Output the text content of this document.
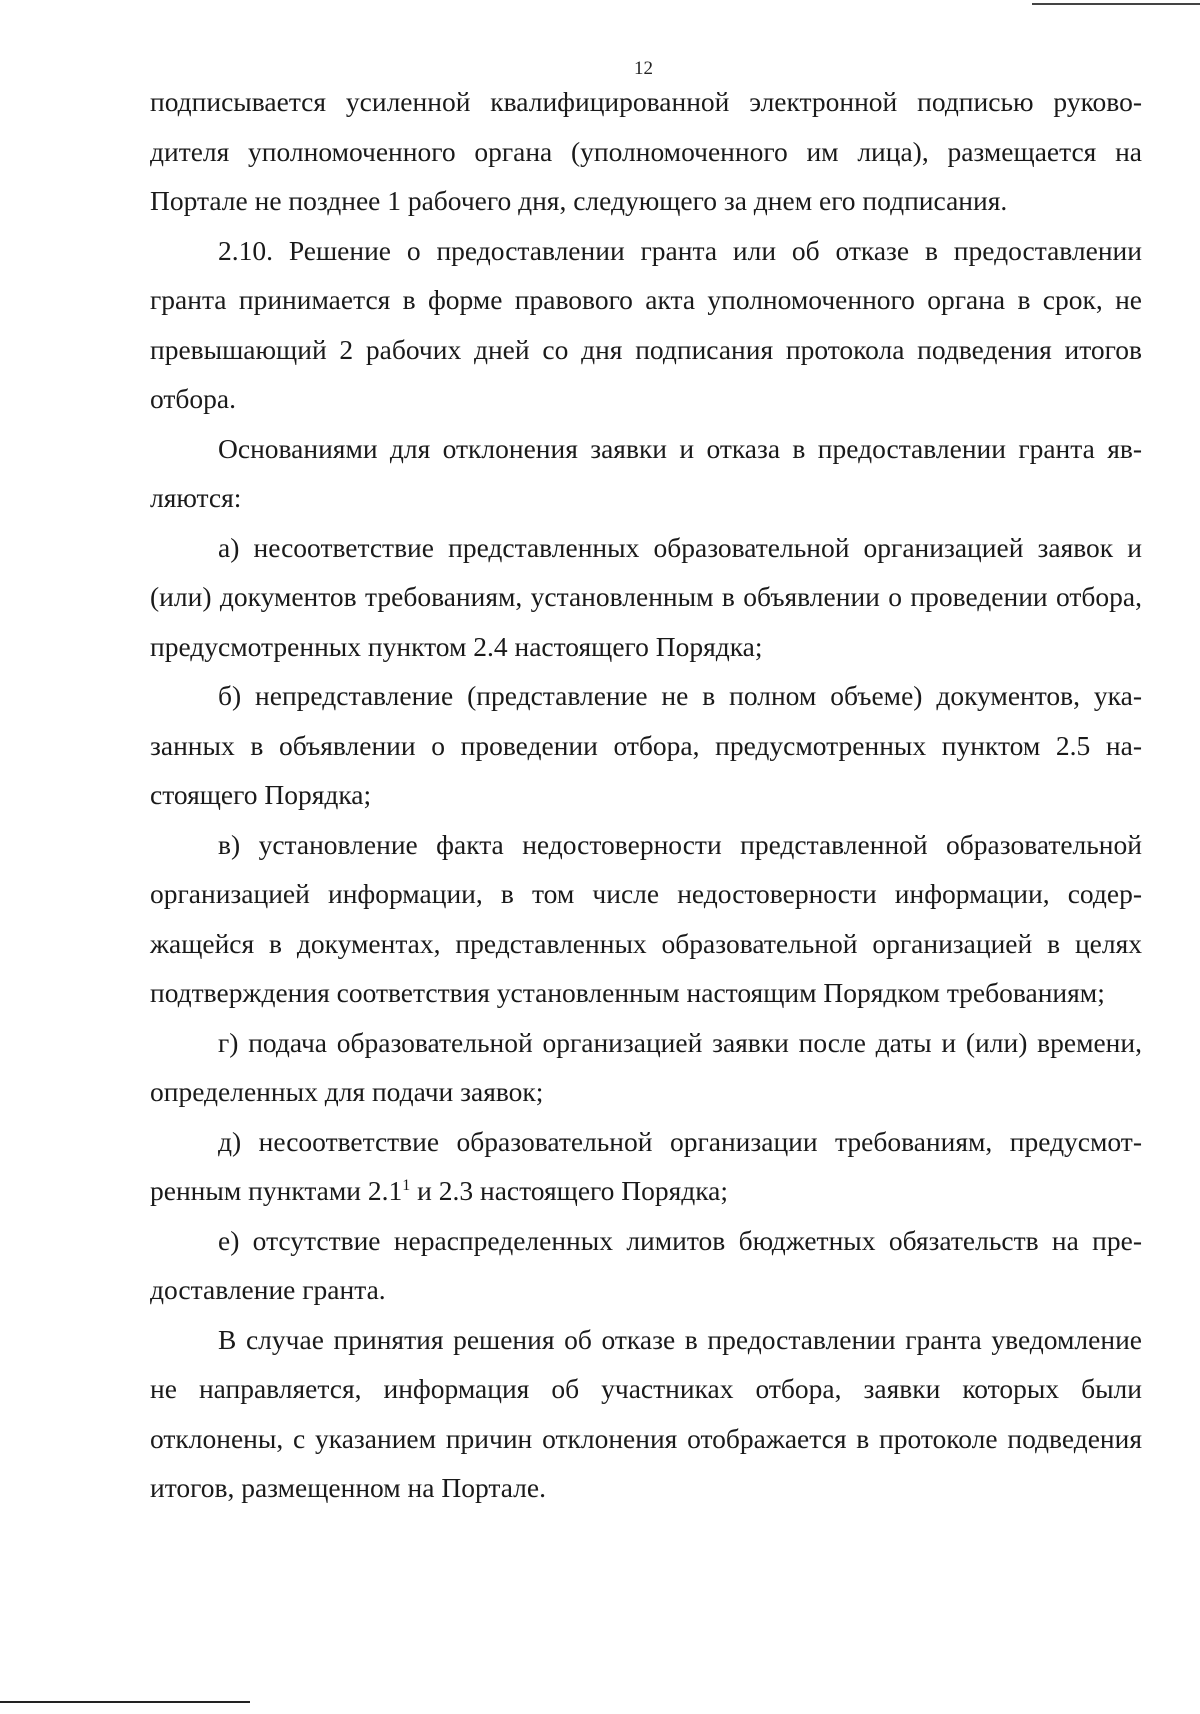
12

подписывается усиленной квалифицированной электронной подписью руководителя уполномоченного органа (уполномоченного им лица), размещается на Портале не позднее 1 рабочего дня, следующего за днем его подписания.

2.10. Решение о предоставлении гранта или об отказе в предоставлении гранта принимается в форме правового акта уполномоченного органа в срок, не превышающий 2 рабочих дней со дня подписания протокола подведения итогов отбора.

Основаниями для отклонения заявки и отказа в предоставлении гранта являются:

а) несоответствие представленных образовательной организацией заявок и (или) документов требованиям, установленным в объявлении о проведении отбора, предусмотренных пунктом 2.4 настоящего Порядка;

б) непредставление (представление не в полном объеме) документов, указанных в объявлении о проведении отбора, предусмотренных пунктом 2.5 настоящего Порядка;

в) установление факта недостоверности представленной образовательной организацией информации, в том числе недостоверности информации, содержащейся в документах, представленных образовательной организацией в целях подтверждения соответствия установленным настоящим Порядком требованиям;

г) подача образовательной организацией заявки после даты и (или) времени, определенных для подачи заявок;

д) несоответствие образовательной организации требованиям, предусмотренным пунктами $2.1^1$ и 2.3 настоящего Порядка;

е) отсутствие нераспределенных лимитов бюджетных обязательств на предоставление гранта.

В случае принятия решения об отказе в предоставлении гранта уведомление не направляется, информация об участниках отбора, заявки которых были отклонены, с указанием причин отклонения отображается в протоколе подведения итогов, размещенном на Портале.
